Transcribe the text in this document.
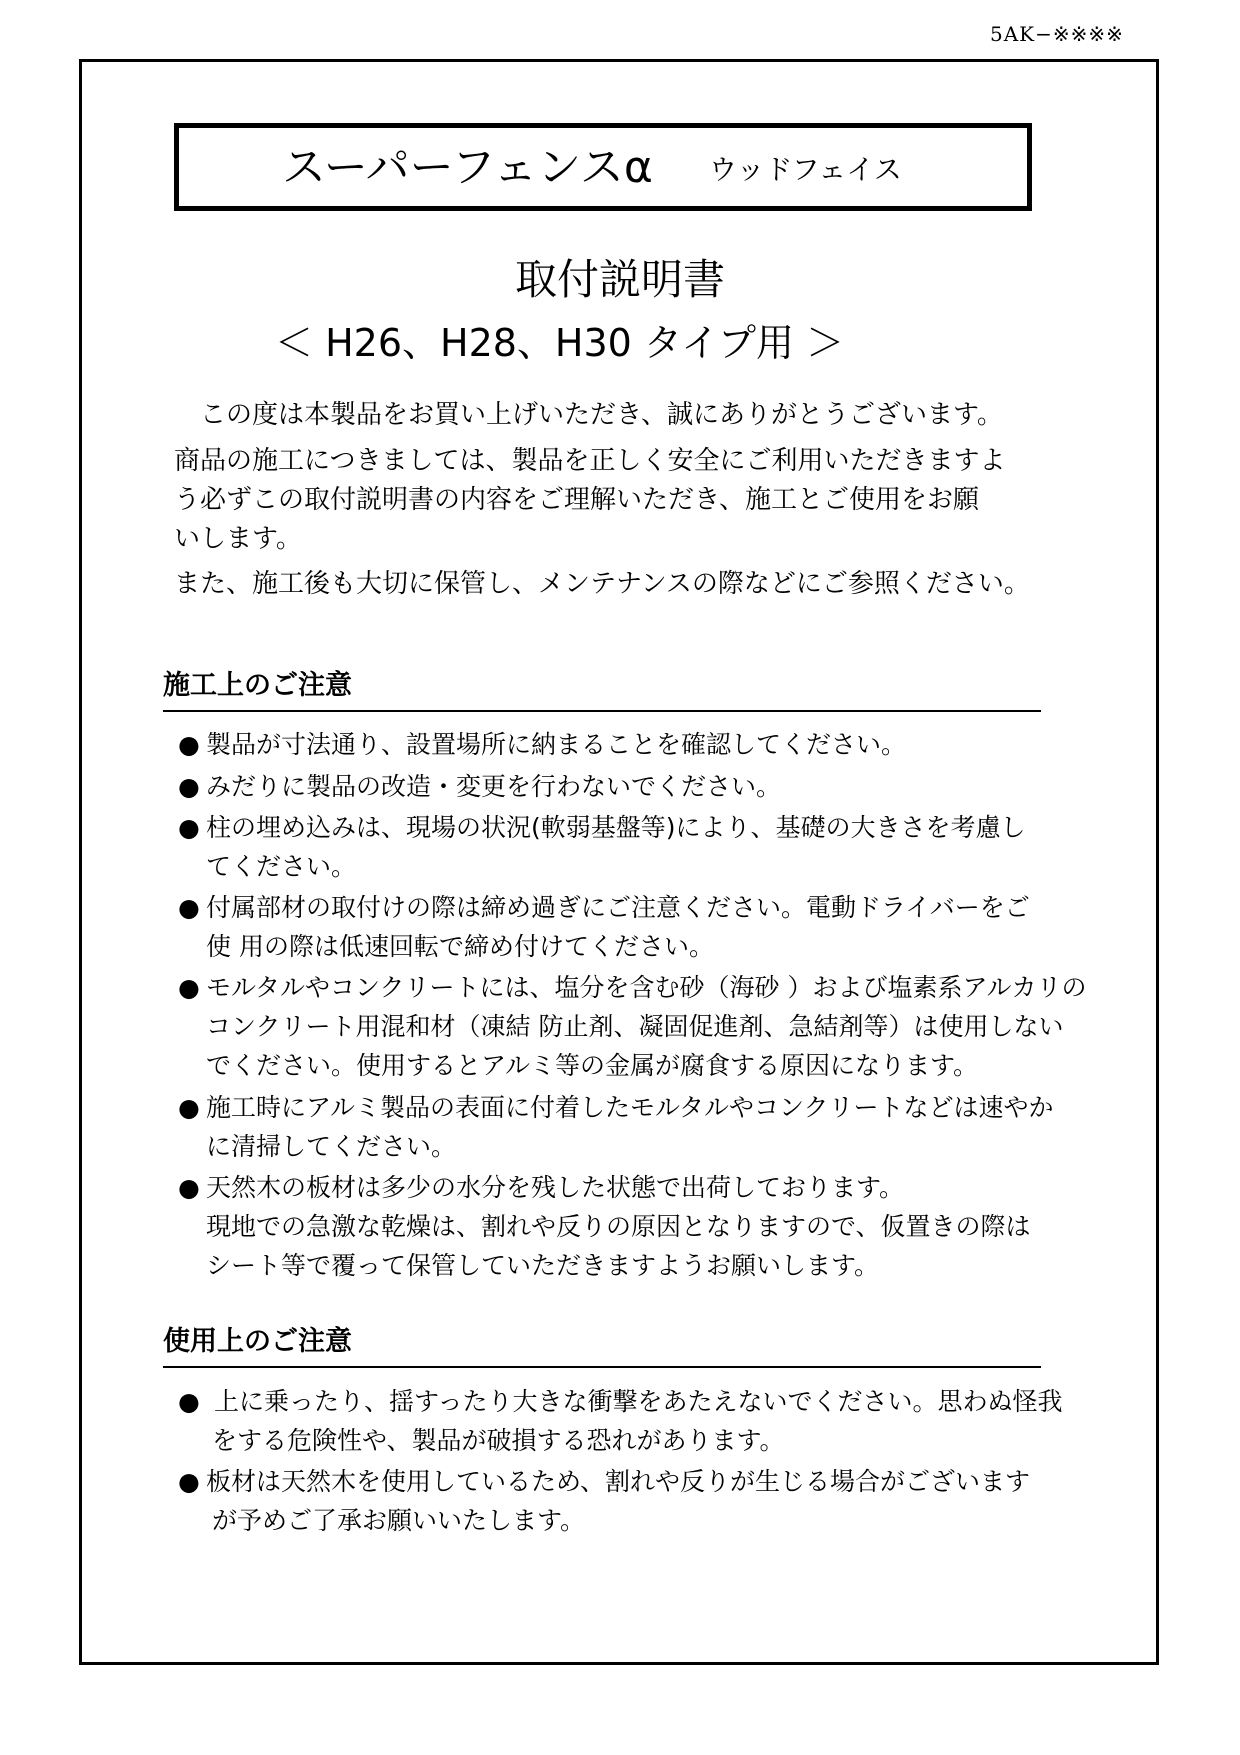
5AK−※※※※
スーパーフェンスα ウッドフェイス
取付説明書
＜ H26、H28、H30 タイプ用 ＞

　この度は本製品をお買い上げいただき、誠にありがとうございます。

商品の施工につきましては、製品を正しく安全にご利用いただきますよ
う必ずこの取付説明書の内容をご理解いただき、施工とご使用をお願
いします。

また、施工後も大切に保管し、メンテナンスの際などにご参照ください。

施工上のご注意
● 製品が寸法通り、設置場所に納まることを確認してください。
● みだりに製品の改造・変更を行わないでください。
● 柱の埋め込みは、現場の状況(軟弱基盤等)により、基礎の大きさを考慮し
てください。
● 付属部材の取付けの際は締め過ぎにご注意ください。電動ドライバーをご
使 用の際は低速回転で締め付けてください。
● モルタルやコンクリートには、塩分を含む砂（海砂 ）および塩素系アルカリの
コンクリート用混和材（凍結 防止剤、凝固促進剤、急結剤等）は使用しない
でください。使用するとアルミ等の金属が腐食する原因になります。
● 施工時にアルミ製品の表面に付着したモルタルやコンクリートなどは速やか
に清掃してください。
● 天然木の板材は多少の水分を残した状態で出荷しております。
現地での急激な乾燥は、割れや反りの原因となりますので、仮置きの際は
シート等で覆って保管していただきますようお願いします。
使用上のご注意
● 上に乗ったり、揺すったり大きな衝撃をあたえないでください。思わぬ怪我
をする危険性や、製品が破損する恐れがあります。
● 板材は天然木を使用しているため、割れや反りが生じる場合がございます
が予めご了承お願いいたします。
